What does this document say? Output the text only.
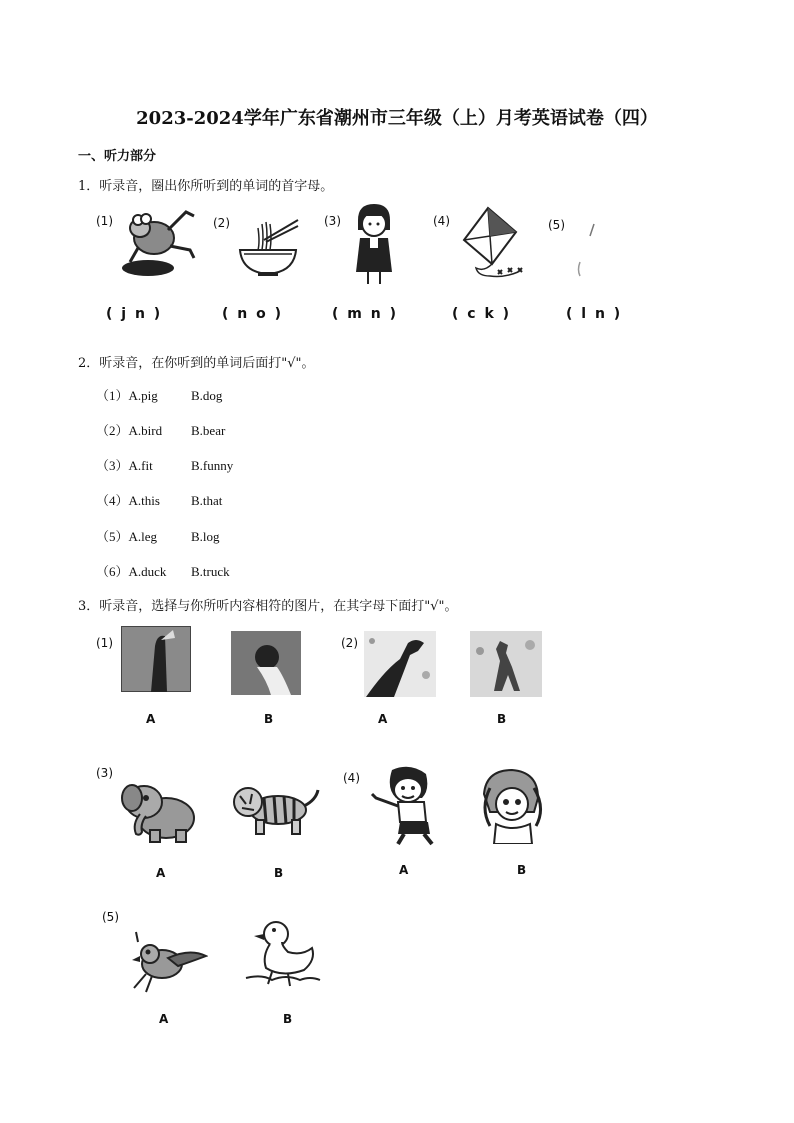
2023-2024学年广东省潮州市三年级（上）月考英语试卷（四）
一、听力部分
1．听录音，圈出你所听到的单词的首字母。
(1)
( j n )
(2)
( n o )
(3)
( m n )
(4)
( c k )
(5)
( l n )
2．听录音，在你听到的单词后面打"√"。
（1）A.pig	B.dog
（2）A.bird B.bear
（3）A.fit	B.funny
（4）A.this B.that
（5）A.leg	B.log
（6）A.duck B.truck
3．听录音，选择与你所听内容相符的图片，在其字母下面打"√"。
(1)
A	B
(2)
A	B
(3)
A	B
(4)
A	B
(5)
A	B
